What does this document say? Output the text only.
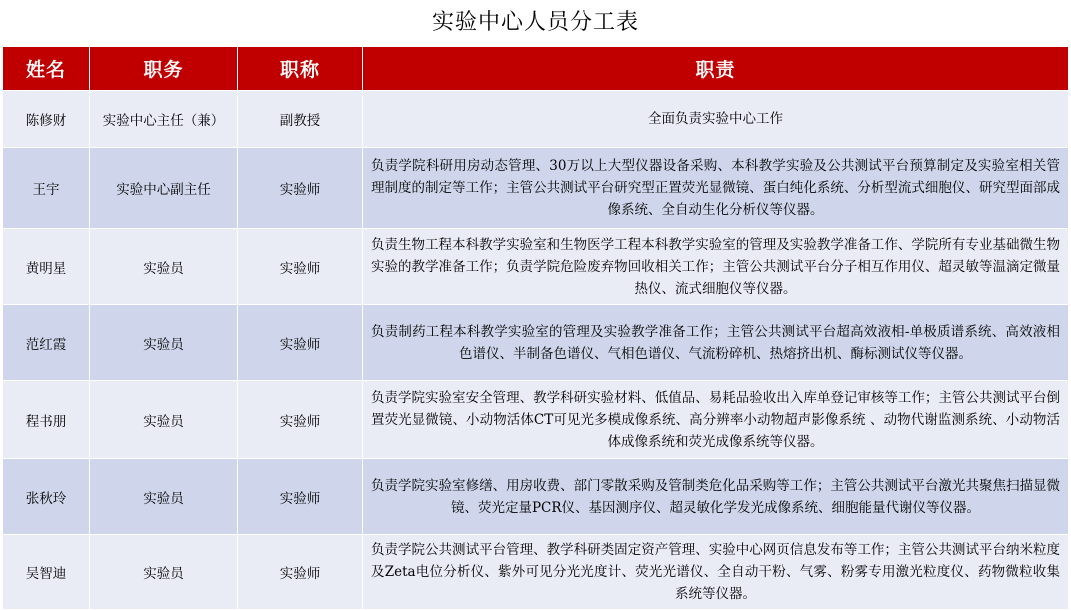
实验中心人员分工表
姓名	职务	职称	职责
陈修财	实验中心主任（兼）	副教授	全面负责实验中心工作
王宇	实验中心副主任	实验师	负责学院科研用房动态管理、30万以上大型仪器设备采购、本科教学实验及公共测试平台预算制定及实验室相关管理制度的制定等工作；主管公共测试平台研究型正置荧光显微镜、蛋白纯化系统、分析型流式细胞仪、研究型面部成像系统、全自动生化分析仪等仪器。
黄明星	实验员	实验师	负责生物工程本科教学实验室和生物医学工程本科教学实验室的管理及实验教学准备工作、学院所有专业基础微生物实验的教学准备工作；负责学院危险废弃物回收相关工作；主管公共测试平台分子相互作用仪、超灵敏等温滴定微量热仪、流式细胞仪等仪器。
范红霞	实验员	实验师	负责制药工程本科教学实验室的管理及实验教学准备工作；主管公共测试平台超高效液相-单极质谱系统、高效液相色谱仪、半制备色谱仪、气相色谱仪、气流粉碎机、热熔挤出机、酶标测试仪等仪器。
程书朋	实验员	实验师	负责学院实验室安全管理、教学科研实验材料、低值品、易耗品验收出入库单登记审核等工作；主管公共测试平台倒置荧光显微镜、小动物活体CT可见光多模成像系统、高分辨率小动物超声影像系统 、动物代谢监测系统、小动物活体成像系统和荧光成像系统等仪器。
张秋玲	实验员	实验师	负责学院实验室修缮、用房收费、部门零散采购及管制类危化品采购等工作；主管公共测试平台激光共聚焦扫描显微镜、荧光定量PCR仪、基因测序仪、超灵敏化学发光成像系统、细胞能量代谢仪等仪器。
吴智迪	实验员	实验师	负责学院公共测试平台管理、教学科研类固定资产管理、实验中心网页信息发布等工作；主管公共测试平台纳米粒度及Zeta电位分析仪、紫外可见分光光度计、荧光光谱仪、全自动干粉、气雾、粉雾专用激光粒度仪、药物微粒收集系统等仪器。
